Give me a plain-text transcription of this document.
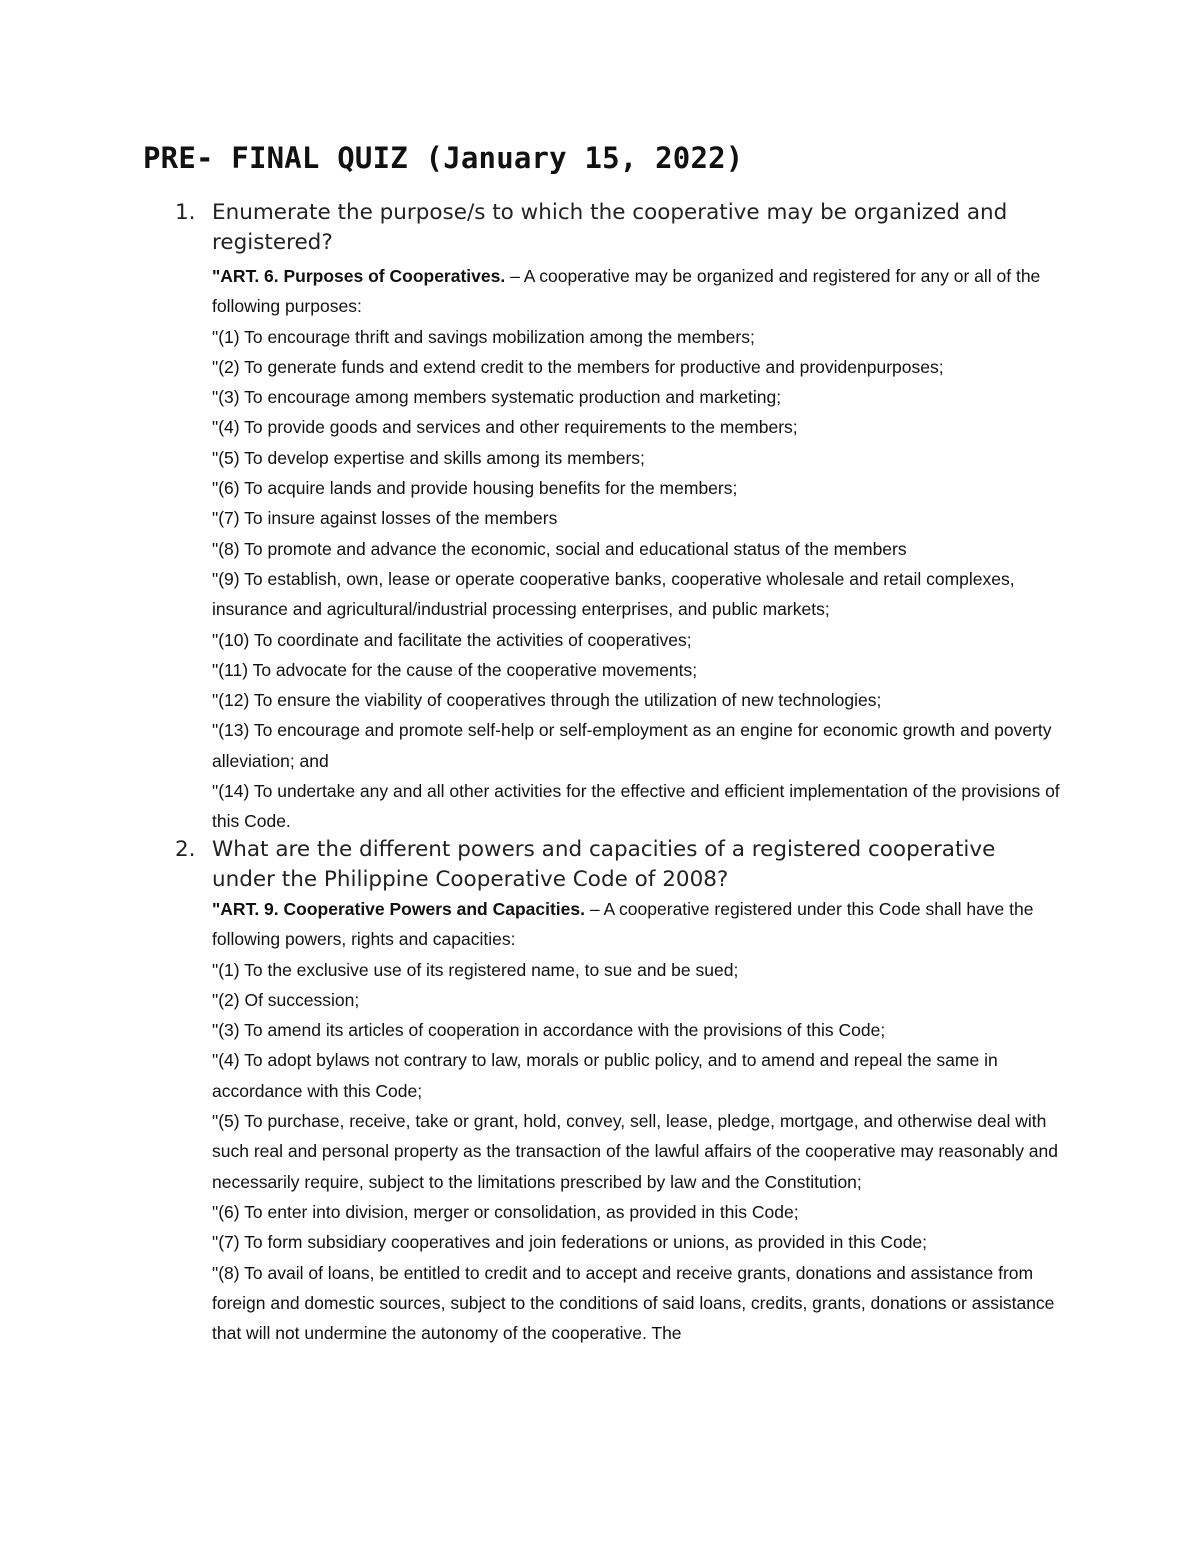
PRE- FINAL QUIZ (January 15, 2022)
1. Enumerate the purpose/s to which the cooperative may be organized and registered?

"ART. 6. Purposes of Cooperatives. – A cooperative may be organized and registered for any or all of the following purposes:

"(1) To encourage thrift and savings mobilization among the members;

"(2) To generate funds and extend credit to the members for productive and providenpurposes;

"(3) To encourage among members systematic production and marketing;

"(4) To provide goods and services and other requirements to the members;

"(5) To develop expertise and skills among its members;

"(6) To acquire lands and provide housing benefits for the members;

"(7) To insure against losses of the members

"(8) To promote and advance the economic, social and educational status of the members

"(9) To establish, own, lease or operate cooperative banks, cooperative wholesale and retail complexes, insurance and agricultural/industrial processing enterprises, and public markets;

"(10) To coordinate and facilitate the activities of cooperatives;

"(11) To advocate for the cause of the cooperative movements;

"(12) To ensure the viability of cooperatives through the utilization of new technologies;

"(13) To encourage and promote self-help or self-employment as an engine for economic growth and poverty alleviation; and

"(14) To undertake any and all other activities for the effective and efficient implementation of the provisions of this Code.

2. What are the different powers and capacities of a registered cooperative under the Philippine Cooperative Code of 2008?

"ART. 9. Cooperative Powers and Capacities. – A cooperative registered under this Code shall have the following powers, rights and capacities:

"(1) To the exclusive use of its registered name, to sue and be sued;

"(2) Of succession;

"(3) To amend its articles of cooperation in accordance with the provisions of this Code;

"(4) To adopt bylaws not contrary to law, morals or public policy, and to amend and repeal the same in accordance with this Code;

"(5) To purchase, receive, take or grant, hold, convey, sell, lease, pledge, mortgage, and otherwise deal with such real and personal property as the transaction of the lawful affairs of the cooperative may reasonably and necessarily require, subject to the limitations prescribed by law and the Constitution;

"(6) To enter into division, merger or consolidation, as provided in this Code;

"(7) To form subsidiary cooperatives and join federations or unions, as provided in this Code;

"(8) To avail of loans, be entitled to credit and to accept and receive grants, donations and assistance from foreign and domestic sources, subject to the conditions of said loans, credits, grants, donations or assistance that will not undermine the autonomy of the cooperative. The
